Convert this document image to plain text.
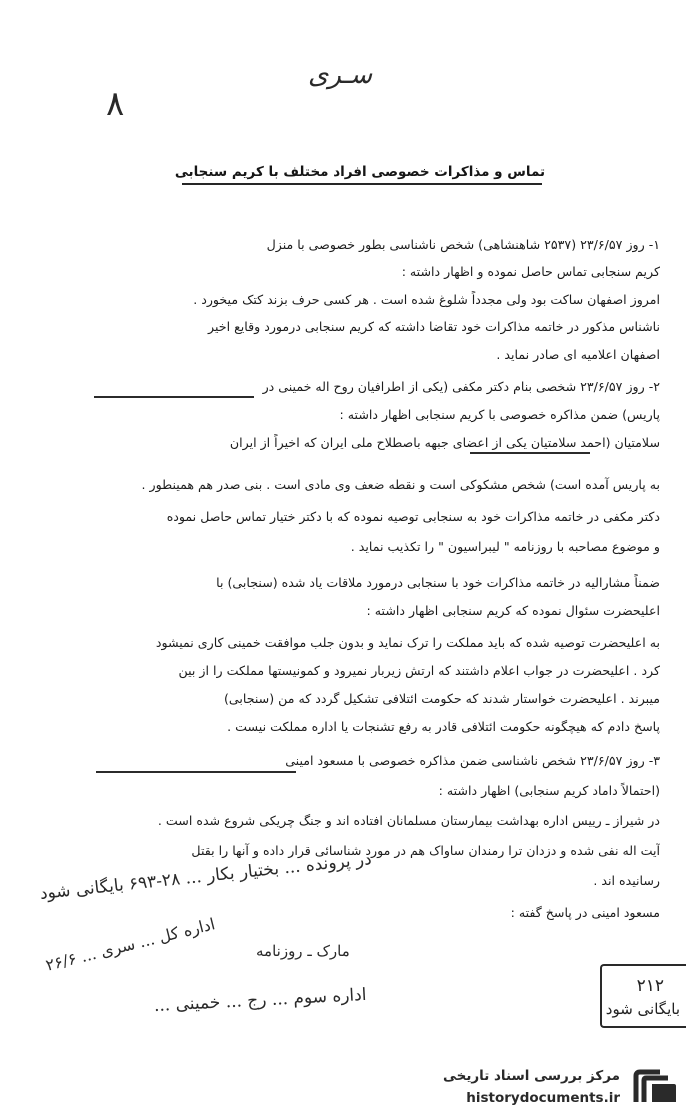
سـرى
۸
تماس و مذاکرات خصوصی افراد مختلف با کریم سنجابی
۱- روز ۲۳/۶/۵۷ (۲۵۳۷ شاهنشاهی) شخص ناشناسی بطور خصوصی با منزل
کریم سنجابی تماس حاصل نموده و اظهار داشته :
امروز اصفهان ساکت بود ولی مجدداً شلوغ شده است . هر کسی حرف بزند کتک میخورد .
ناشناس مذکور در خاتمه مذاکرات خود تقاضا داشته که کریم سنجابی درمورد وقایع اخیر
اصفهان اعلامیه ای صادر نماید .
۲- روز ۲۳/۶/۵۷ شخصی بنام دکتر مکفی (یکی از اطرافیان روح اله خمینی در
پاریس) ضمن مذاکره خصوصی با کریم سنجابی اظهار داشته :
سلامتیان (احمد سلامتیان یکی از اعضای جبهه باصطلاح ملی ایران که اخیراً از ایران
به پاریس آمده است) شخص مشکوکی است و نقطه ضعف وی مادی است . بنی صدر هم همینطور .
دکتر مکفی در خاتمه مذاکرات خود به سنجابی توصیه نموده که با دکتر ختیار تماس حاصل نموده
و موضوع مصاحبه با روزنامه " لیبراسیون " را تکذیب نماید .
ضمناً مشارالیه در خاتمه مذاکرات خود با سنجابی درمورد ملاقات یاد شده (سنجابی) با
اعلیحضرت سئوال نموده که کریم سنجابی اظهار داشته :
به اعلیحضرت توصیه شده که باید مملکت را ترک نماید و بدون جلب موافقت خمینی کاری نمیشود
کرد . اعلیحضرت در جواب اعلام داشتند که ارتش زیربار نمیرود و کمونیستها مملکت را از بین
میبرند . اعلیحضرت خواستار شدند که حکومت ائتلافی تشکیل گردد که من (سنجابی)
پاسخ دادم که هیچگونه حکومت ائتلافی قادر به رفع تشنجات یا اداره مملکت نیست .
۳- روز ۲۳/۶/۵۷ شخص ناشناسی ضمن مذاکره خصوصی با مسعود امینی
(احتمالاً داماد کریم سنجابی) اظهار داشته :
در شیراز ـ رییس اداره بهداشت بیمارستان مسلمانان افتاده اند و جنگ چریکی شروع شده است .
آیت اله نفی شده و دزدان ترا رمندان ساواک هم در مورد شناسائی قرار داده و آنها را بقتل
رسانیده اند .
مسعود امینی در پاسخ گفته :
در پرونده ... بختیار بکار ... ۲۸-۶۹۳ بایگانی شود
مارک ـ روزنامه
اداره کل ... سرى ... ۲۶/۶
اداره سوم ... رج ... خمینی ...	۲۱۲
بایگانی شود
مرکز بررسی اسناد تاریخی
historydocuments.ir
